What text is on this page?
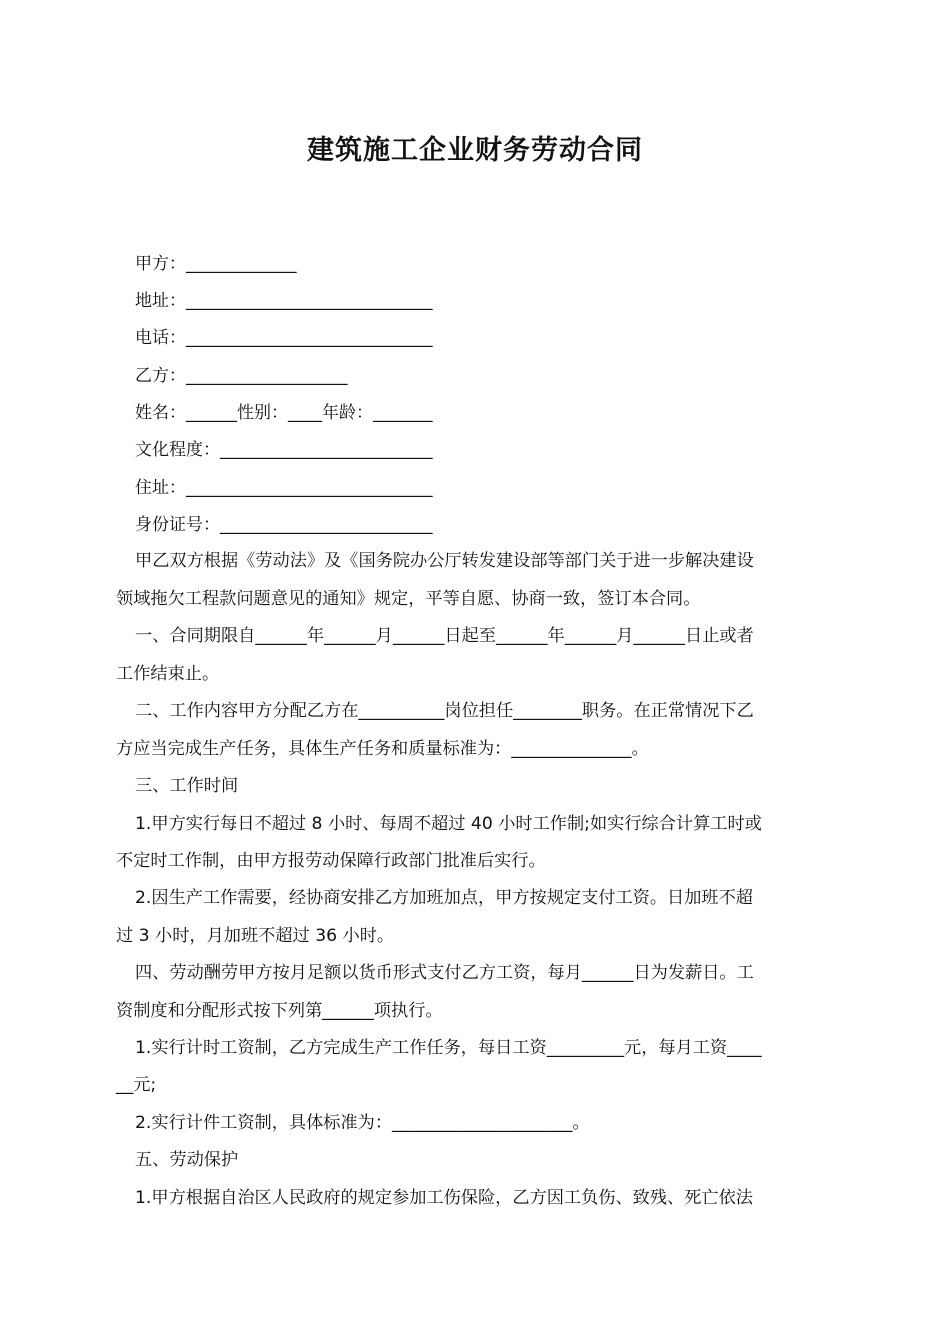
建筑施工企业财务劳动合同
甲方：_____________
地址：_____________________________
电话：_____________________________
乙方：___________________
姓名：______性别：____年龄：_______
文化程度：_________________________
住址：_____________________________
身份证号：_________________________
甲乙双方根据《劳动法》及《国务院办公厅转发建设部等部门关于进一步解决建设
领域拖欠工程款问题意见的通知》规定，平等自愿、协商一致，签订本合同。
一、合同期限自______年______月______日起至______年______月______日止或者
工作结束止。
二、工作内容甲方分配乙方在__________岗位担任________职务。在正常情况下乙
方应当完成生产任务，具体生产任务和质量标准为：______________。
三、工作时间
1.甲方实行每日不超过 8 小时、每周不超过 40 小时工作制;如实行综合计算工时或
不定时工作制，由甲方报劳动保障行政部门批准后实行。
2.因生产工作需要，经协商安排乙方加班加点，甲方按规定支付工资。日加班不超
过 3 小时，月加班不超过 36 小时。
四、劳动酬劳甲方按月足额以货币形式支付乙方工资，每月______日为发薪日。工
资制度和分配形式按下列第______项执行。
1.实行计时工资制，乙方完成生产工作任务，每日工资_________元，每月工资____
__元;
2.实行计件工资制，具体标准为：_____________________。
五、劳动保护
1.甲方根据自治区人民政府的规定参加工伤保险，乙方因工负伤、致残、死亡依法
